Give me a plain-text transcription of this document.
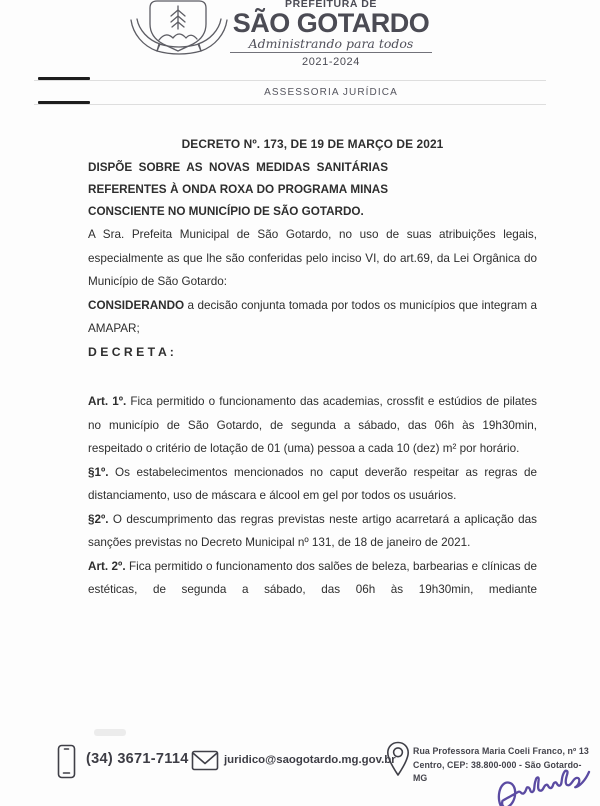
PREFEITURA DE
SÃO GOTARDO
Administrando para todos
2021-2024
ASSESSORIA JURÍDICA

DECRETO Nº. 173, DE 19 DE MARÇO DE 2021

DISPÕE SOBRE AS NOVAS MEDIDAS SANITÁRIAS REFERENTES À ONDA ROXA DO PROGRAMA MINAS CONSCIENTE NO MUNICÍPIO DE SÃO GOTARDO.

A Sra. Prefeita Municipal de São Gotardo, no uso de suas atribuições legais, especialmente as que lhe são conferidas pelo inciso VI, do art.69, da Lei Orgânica do Município de São Gotardo:

CONSIDERANDO a decisão conjunta tomada por todos os municípios que integram a AMAPAR;

D E C R E T A :

Art. 1º. Fica permitido o funcionamento das academias, crossfit e estúdios de pilates no município de São Gotardo, de segunda a sábado, das 06h às 19h30min, respeitado o critério de lotação de 01 (uma) pessoa a cada 10 (dez) m² por horário.

§1º. Os estabelecimentos mencionados no caput deverão respeitar as regras de distanciamento, uso de máscara e álcool em gel por todos os usuários.

§2º. O descumprimento das regras previstas neste artigo acarretará a aplicação das sanções previstas no Decreto Municipal nº 131, de 18 de janeiro de 2021.

Art. 2º. Fica permitido o funcionamento dos salões de beleza, barbearias e clínicas de estéticas, de segunda a sábado, das 06h às 19h30min, mediante

(34) 3671-7114	juridico@saogotardo.mg.gov.br
Rua Professora Maria Coeli Franco, nº 13
Centro, CEP: 38.800-000 - São Gotardo-MG
